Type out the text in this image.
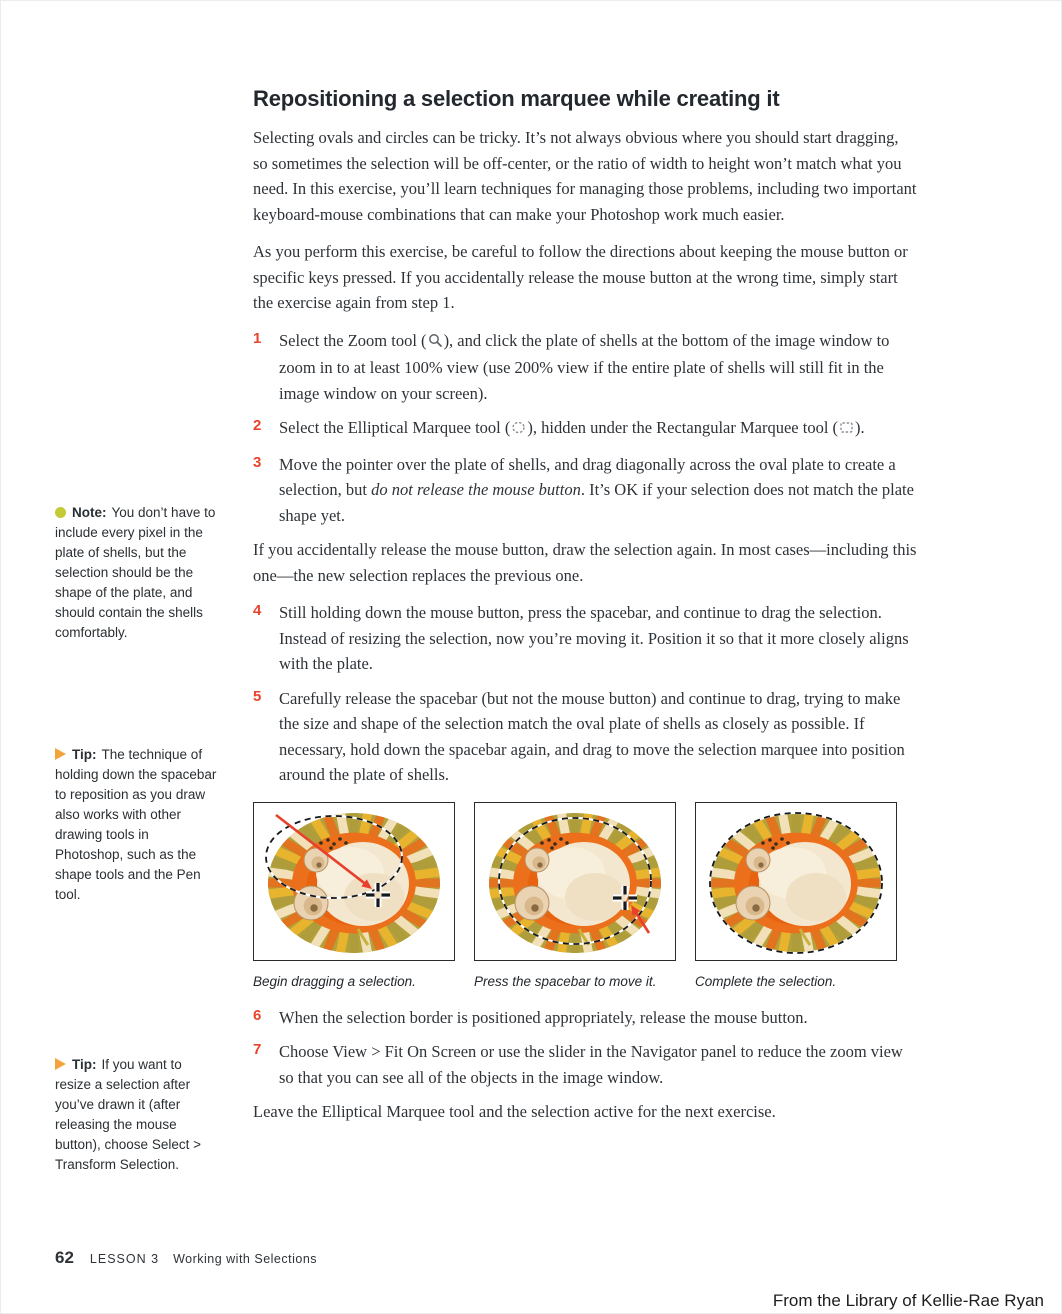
Repositioning a selection marquee while creating it

Selecting ovals and circles can be tricky. It’s not always obvious where you should start dragging, so sometimes the selection will be off-center, or the ratio of width to height won’t match what you need. In this exercise, you’ll learn techniques for managing those problems, including two important keyboard-mouse combinations that can make your Photoshop work much easier.

As you perform this exercise, be careful to follow the directions about keeping the mouse button or specific keys pressed. If you accidentally release the mouse button at the wrong time, simply start the exercise again from step 1.

1	Select the Zoom tool ( ), and click the plate of shells at the bottom of the image window to zoom in to at least 100% view (use 200% view if the entire plate of shells will still fit in the image window on your screen).
2	Select the Elliptical Marquee tool ( ), hidden under the Rectangular Marquee tool ( ).
3	Move the pointer over the plate of shells, and drag diagonally across the oval plate to create a selection, but do not release the mouse button. It’s OK if your selection does not match the plate shape yet.

If you accidentally release the mouse button, draw the selection again. In most cases—including this one—the new selection replaces the previous one.

4	Still holding down the mouse button, press the spacebar, and continue to drag the selection. Instead of resizing the selection, now you’re moving it. Position it so that it more closely aligns with the plate.
5	Carefully release the spacebar (but not the mouse button) and continue to drag, trying to make the size and shape of the selection match the oval plate of shells as closely as possible. If necessary, hold down the spacebar again, and drag to move the selection marquee into position around the plate of shells.
Begin dragging a selection.	Press the spacebar to move it.	Complete the selection.
6	When the selection border is positioned appropriately, release the mouse button.
7	Choose View > Fit On Screen or use the slider in the Navigator panel to reduce the zoom view so that you can see all of the objects in the image window.

Leave the Elliptical Marquee tool and the selection active for the next exercise.

Note: You don’t have to include every pixel in the plate of shells, but the selection should be the shape of the plate, and should contain the shells comfortably.
Tip: The technique of holding down the spacebar to reposition as you draw also works with other drawing tools in Photoshop, such as the shape tools and the Pen tool.
Tip: If you want to resize a selection after you’ve drawn it (after releasing the mouse button), choose Select > Transform Selection.
62 LESSON 3 Working with Selections
From the Library of Kellie-Rae Ryan
